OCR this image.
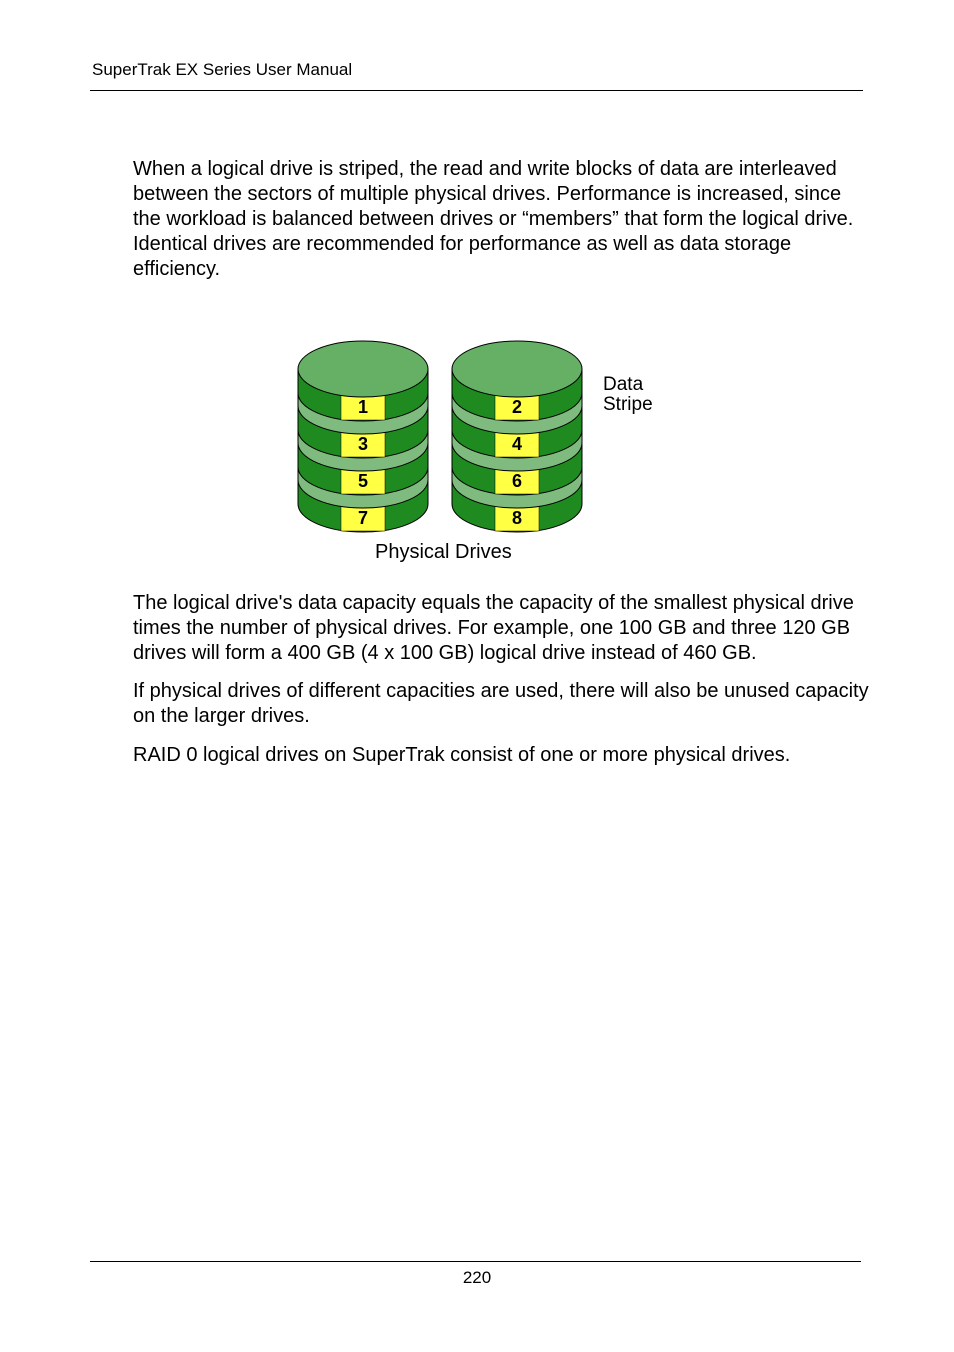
SuperTrak EX Series User Manual
When a logical drive is striped, the read and write blocks of data are interleaved between the sectors of multiple physical drives. Performance is increased, since the workload is balanced between drives or “members” that form the logical drive. Identical drives are recommended for performance as well as data storage efficiency.
7
5
3
1
8
6
4
2
Data
Stripe
Physical Drives
The logical drive's data capacity equals the capacity of the smallest physical drive times the number of physical drives. For example, one 100 GB and three 120 GB drives will form a 400 GB (4 x 100 GB) logical drive instead of 460 GB.
If physical drives of different capacities are used, there will also be unused capacity on the larger drives.
RAID 0 logical drives on SuperTrak consist of one or more physical drives.
220
